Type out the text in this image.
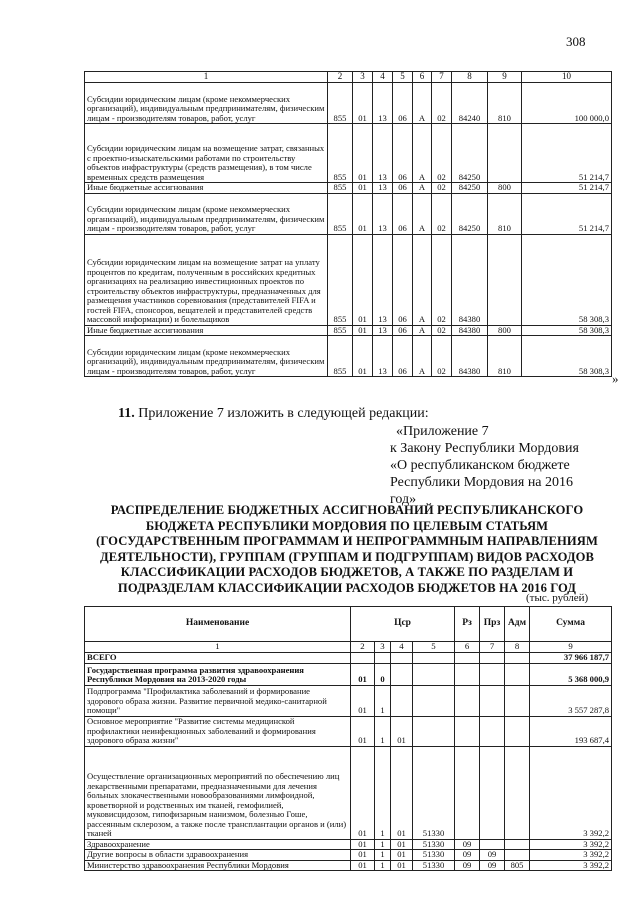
308
1	2	3	4	5	6	7	8	9	10
Субсидии юридическим лицам (кроме некоммерческих организаций), индивидуальным предпринимателям, физическим лицам - производителям товаров, работ, услуг	855	01	13	06	А	02	84240	810	100 000,0
Субсидии юридическим лицам на возмещение затрат, связанных с проектно-изыскательскими работами по строительству объектов инфраструктуры (средств размещения), в том числе временных средств размещения	855	01	13	06	А	02	84250		51 214,7
Иные бюджетные ассигнования	855	01	13	06	А	02	84250	800	51 214,7
Субсидии юридическим лицам (кроме некоммерческих организаций), индивидуальным предпринимателям, физическим лицам - производителям товаров, работ, услуг	855	01	13	06	А	02	84250	810	51 214,7
Субсидии юридическим лицам на возмещение затрат на уплату процентов по кредитам, полученным в российских кредитных организациях на реализацию инвестиционных проектов по строительству объектов инфраструктуры, предназначенных для размещения участников соревнования (представителей FIFA и гостей FIFA, спонсоров, вещателей и представителей средств массовой информации) и болельщиков	855	01	13	06	А	02	84380		58 308,3
Иные бюджетные ассигнования	855	01	13	06	А	02	84380	800	58 308,3
Субсидии юридическим лицам (кроме некоммерческих организаций), индивидуальным предпринимателям, физическим лицам - производителям товаров, работ, услуг	855	01	13	06	А	02	84380	810	58 308,3
»
11. Приложение 7 изложить в следующей редакции:
«Приложение 7
к Закону Республики Мордовия
«О республиканском бюджете
Республики Мордовия на 2016
год»
РАСПРЕДЕЛЕНИЕ БЮДЖЕТНЫХ АССИГНОВАНИЙ РЕСПУБЛИКАНСКОГО
БЮДЖЕТА РЕСПУБЛИКИ МОРДОВИЯ ПО ЦЕЛЕВЫМ СТАТЬЯМ
(ГОСУДАРСТВЕННЫМ ПРОГРАММАМ И НЕПРОГРАММНЫМ НАПРАВЛЕНИЯМ
ДЕЯТЕЛЬНОСТИ), ГРУППАМ (ГРУППАМ И ПОДГРУППАМ) ВИДОВ РАСХОДОВ
КЛАССИФИКАЦИИ РАСХОДОВ БЮДЖЕТОВ, А ТАКЖЕ ПО РАЗДЕЛАМ И
ПОДРАЗДЕЛАМ КЛАССИФИКАЦИИ РАСХОДОВ БЮДЖЕТОВ НА 2016 ГОД
(тыс. рублей)
Наименование	Цср				Рз	Прз	Адм	Сумма
1	2	3	4	5	6	7	8	9
ВСЕГО								37 966 187,7
Государственная программа развития здравоохранения Республики Мордовия на 2013-2020 годы	01	0						5 368 000,9
Подпрограмма "Профилактика заболеваний и формирование здорового образа жизни. Развитие первичной медико-санитарной помощи"	01	1						3 557 287,8
Основное мероприятие "Развитие системы медицинской профилактики неинфекционных заболеваний и формирования здорового образа жизни"	01	1	01					193 687,4
Осуществление организационных мероприятий по обеспечению лиц лекарственными препаратами, предназначенными для лечения больных злокачественными новообразованиями лимфоидной, кроветворной и родственных им тканей, гемофилией, муковисцидозом, гипофизарным нанизмом, болезнью Гоше, рассеянным склерозом, а также после трансплантации органов и (или) тканей	01	1	01	51330				3 392,2
Здравоохранение	01	1	01	51330	09			3 392,2
Другие вопросы в области здравоохранения	01	1	01	51330	09	09		3 392,2
Министерство здравоохранения Республики Мордовия	01	1	01	51330	09	09	805	3 392,2
